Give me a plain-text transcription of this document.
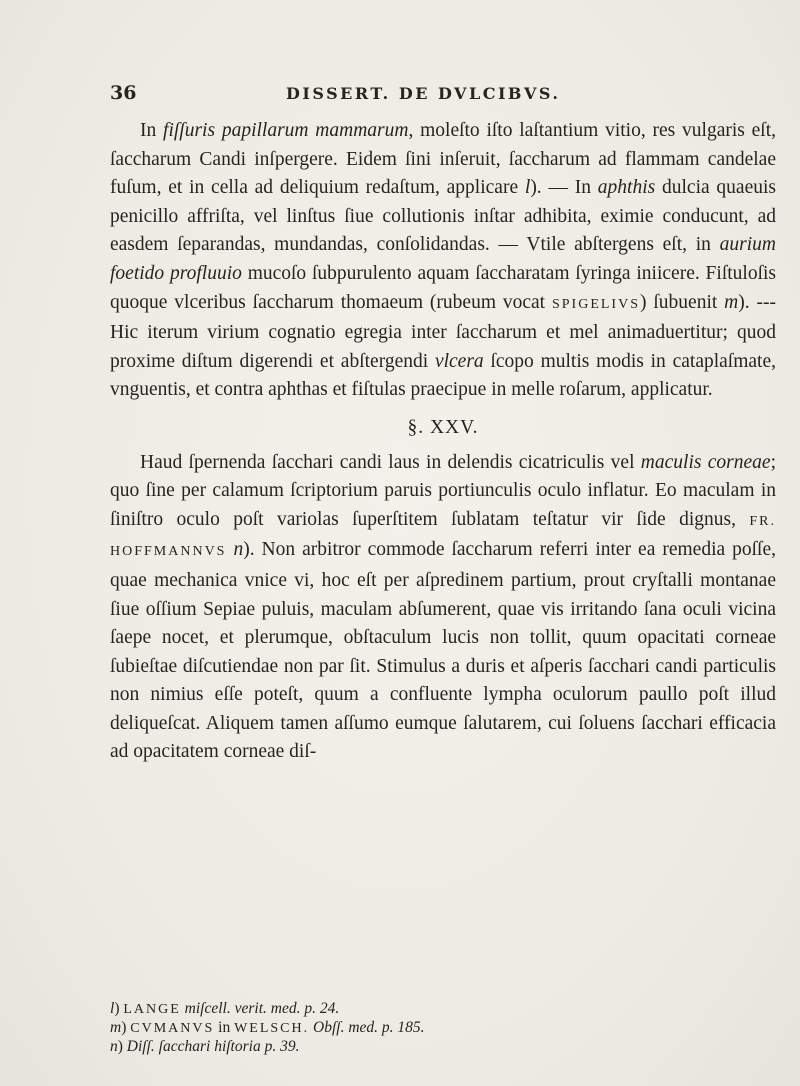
36	DISSERT. DE DVLCIBVS.

In fiſſuris papillarum mammarum, moleſto iſto laſtantium vitio, res vulgaris eſt, ſaccharum Candi inſpergere. Eidem ſini inſeruit, ſaccharum ad flammam candelae fuſum, et in cella ad deliquium redaſtum, applicare l). — In aphthis dulcia quaeuis penicillo affriſta, vel linſtus ſiue collutionis inſtar adhibita, eximie conducunt, ad easdem ſeparandas, mundandas, conſolidandas. — Vtile abſtergens eſt, in aurium foetido profluuio mucoſo ſubpurulento aquam ſaccharatam ſyringa iniicere. Fiſtuloſis quoque vlceribus ſaccharum thomaeum (rubeum vocat SPIGELIVS) ſubuenit m). --- Hic iterum virium cognatio egregia inter ſaccharum et mel animaduertitur; quod proxime diſtum digerendi et abſtergendi vlcera ſcopo multis modis in cataplaſmate, vnguentis, et contra aphthas et fiſtulas praecipue in melle roſarum, applicatur.

§. XXV.

Haud ſpernenda ſacchari candi laus in delendis cicatriculis vel maculis corneae; quo ſine per calamum ſcriptorium paruis portiunculis oculo inflatur. Eo maculam in ſiniſtro oculo poſt variolas ſuperſtitem ſublatam teſtatur vir ſide dignus, FR. HOFFMANNVS n). Non arbitror commode ſaccharum referri inter ea remedia poſſe, quae mechanica vnice vi, hoc eſt per aſpredinem partium, prout cryſtalli montanae ſiue oſſium Sepiae puluis, maculam abſumerent, quae vis irritando ſana oculi vicina ſaepe nocet, et plerumque, obſtaculum lucis non tollit, quum opacitati corneae ſubieſtae diſcutiendae non par ſit. Stimulus a duris et aſperis ſacchari candi particulis non nimius eſſe poteſt, quum a confluente lympha oculorum paullo poſt illud deliqueſcat. Aliquem tamen aſſumo eumque ſalutarem, cui ſoluens ſacchari efficacia ad opacitatem corneae diſ-

l) LANGE miſcell. verit. med. p. 24.

m) CVMANVS in WELSCH. Obſſ. med. p. 185.

n) Diſſ. ſacchari hiſtoria p. 39.
